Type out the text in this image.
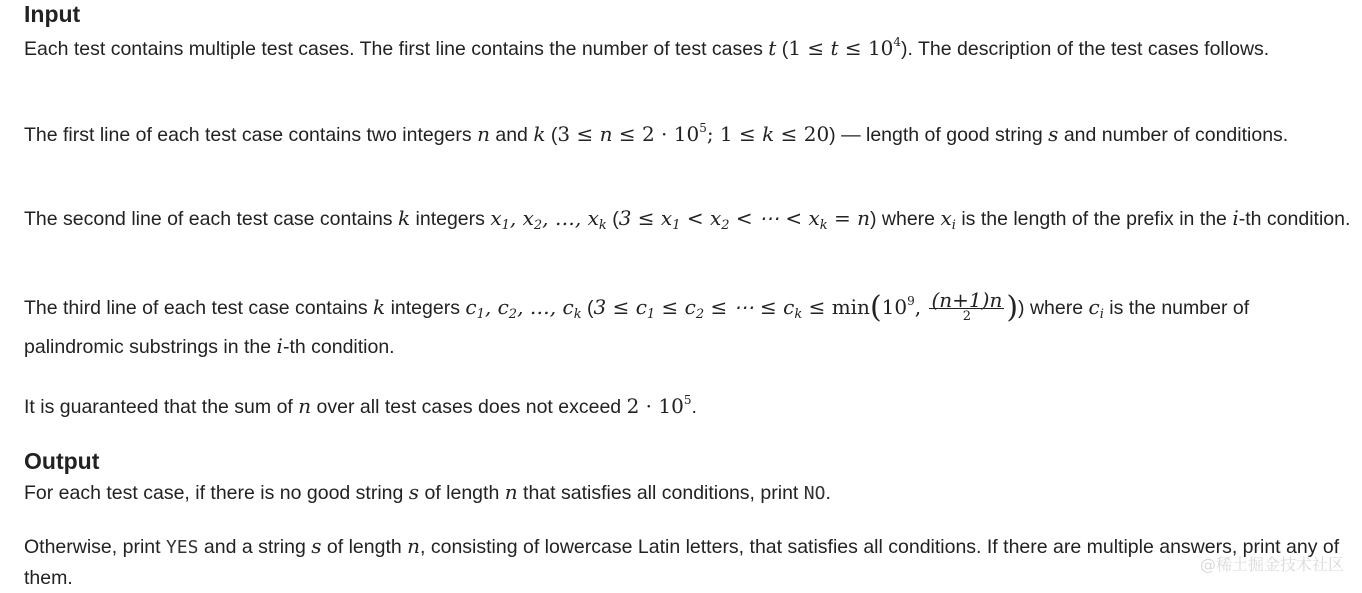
Input

Each test contains multiple test cases. The first line contains the number of test cases t $(1 \le t \le 10^4)$. The description of the test cases follows.

The first line of each test case contains two integers n and k ($3 \le n \le 2 \cdot 10^5$; 1 ≤ k ≤ 20) — length of good string s and number of conditions.

The second line of each test case contains k integers $x_1$, $x_2$, …, $x_k$ ($3 \le x_1 < x_2$ < ⋯ < $x_k = n$) where $x_i$ is the length of the prefix in the i-th condition.

The third line of each test case contains k integers $c_1$, $c_2$, …, $c_k$ ($3 \le c_1 \le c_2$ ≤ ⋯ ≤ $c_k \le \min(10^9$, $\frac{(n+1)n}{2}$ )) where $c_i$ is the number of palindromic substrings in the i-th condition.

It is guaranteed that the sum of n over all test cases does not exceed $2 \cdot 10^5$.

Output

For each test case, if there is no good string s of length n that satisfies all conditions, print NO.

Otherwise, print YES and a string s of length n, consisting of lowercase Latin letters, that satisfies all conditions. If there are multiple answers, print any of them.

@稀土掘金技术社区
